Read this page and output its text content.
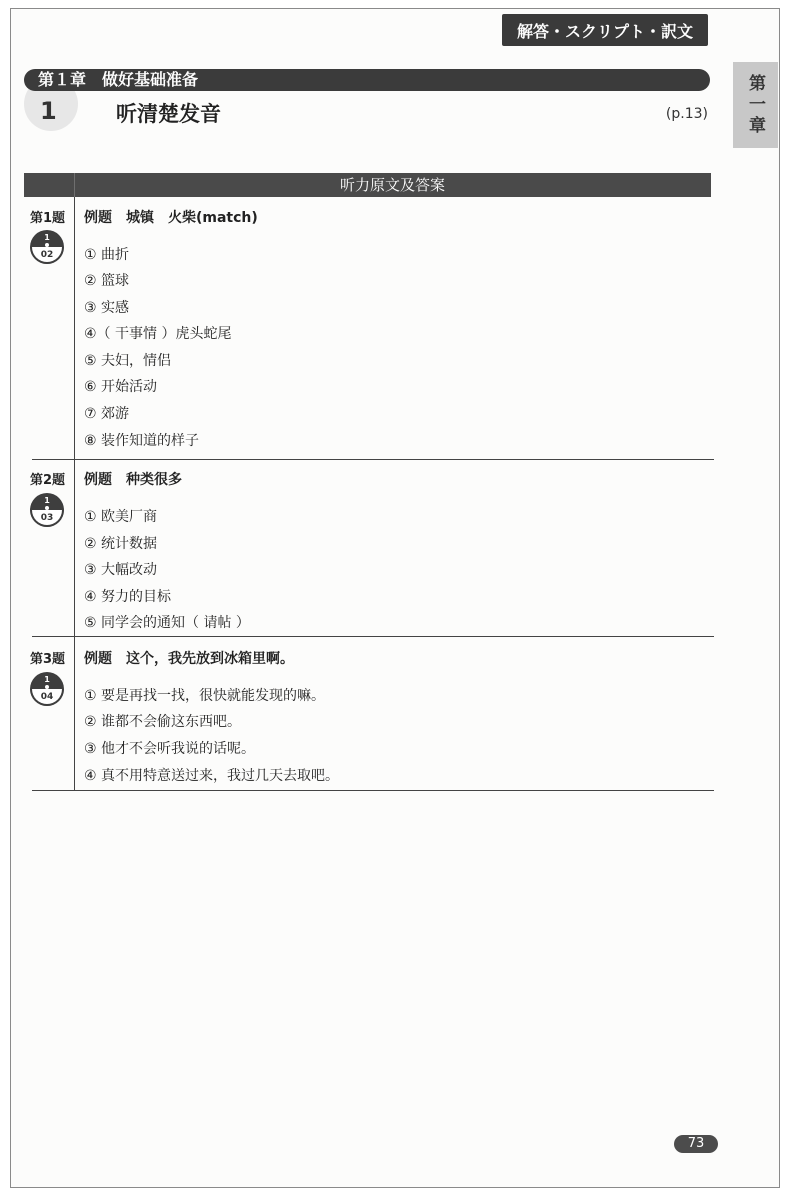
解答・スクリプト・訳文
第１章　做好基础准备
1	听清楚发音	(p.13)	第一章
听力原文及答案
第1题
1
02
例题 城镇　火柴(match)
① 曲折
② 篮球
③ 实感
④（ 干事情 ）虎头蛇尾
⑤ 夫妇，情侣
⑥ 开始活动
⑦ 郊游
⑧ 装作知道的样子
第2题
1
03
例题 种类很多
① 欧美厂商
② 统计数据
③ 大幅改动
④ 努力的目标
⑤ 同学会的通知（ 请帖 ）
第3题
1
04
例题 这个，我先放到冰箱里啊。
① 要是再找一找，很快就能发现的嘛。
② 谁都不会偷这东西吧。
③ 他才不会听我说的话呢。
④ 真不用特意送过来，我过几天去取吧。
73
